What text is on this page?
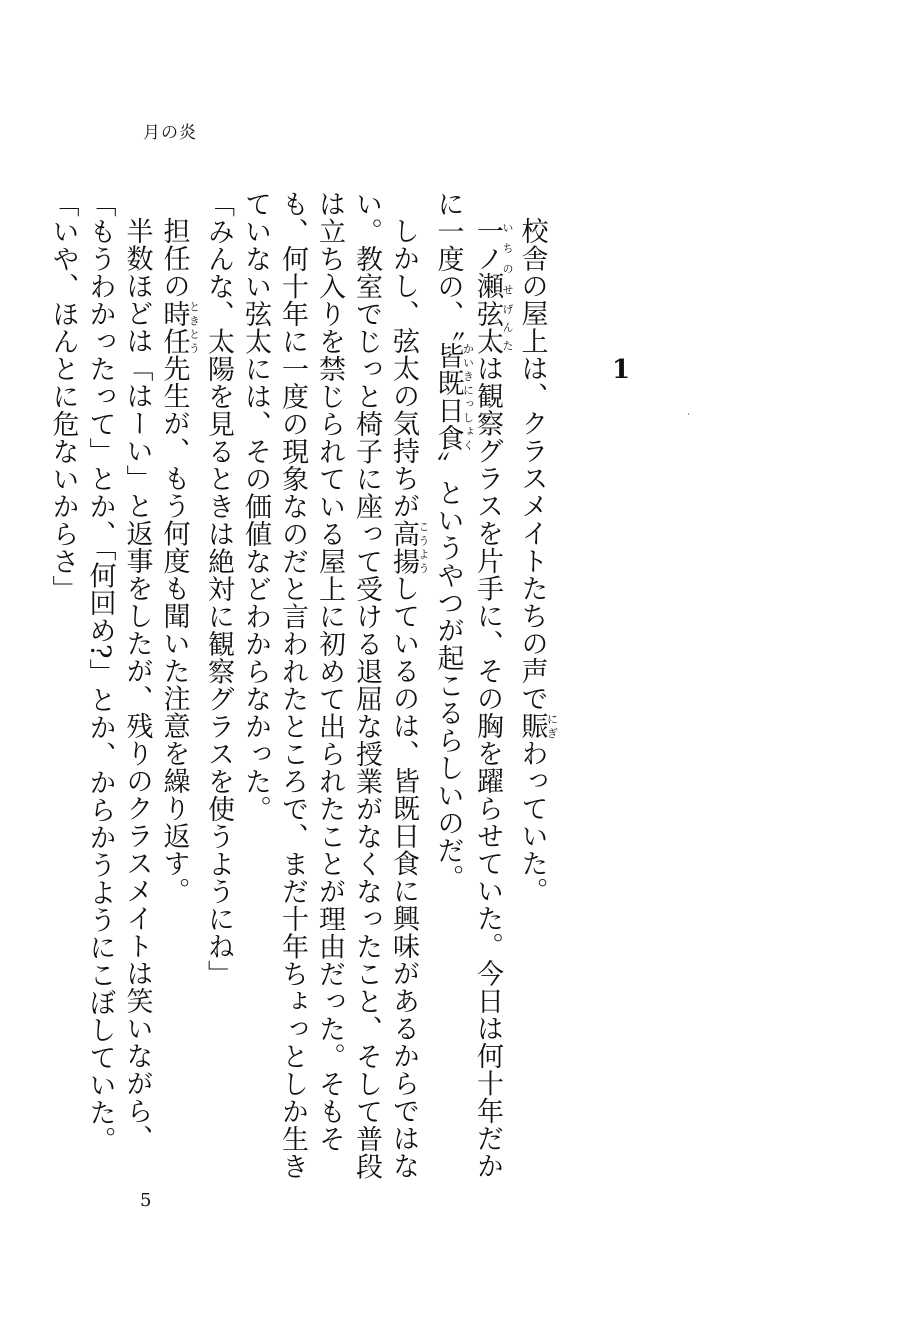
月の炎
1

校舎の屋上は、クラスメイトたちの声で賑にぎわっていた。

一ノ瀬いちのせ弦太げんたは観察グラスを片手に、その胸を躍らせていた。今日は何十年だかに一度の、〝皆かい既日食きにっしょく〟というやつが起こるらしいのだ。

しかし、弦太の気持ちが高揚こうようしているのは、皆既日食に興味があるからではない。教室でじっと椅子に座って受ける退屈な授業がなくなったこと、そして普段は立ち入りを禁じられている屋上に初めて出られたことが理由だった。そもそも、何十年に一度の現象なのだと言われたところで、まだ十年ちょっとしか生きていない弦太には、その価値などわからなかった。

「みんな、太陽を見るときは絶対に観察グラスを使うようにね」

担任の時任ときとう先生が、もう何度も聞いた注意を繰り返す。

半数ほどは「はーい」と返事をしたが、残りのクラスメイトは笑いながら、「もうわかったって」とか、「何回め?」とか、からかうようにこぼしていた。

「いや、ほんとに危ないからさ」

5
